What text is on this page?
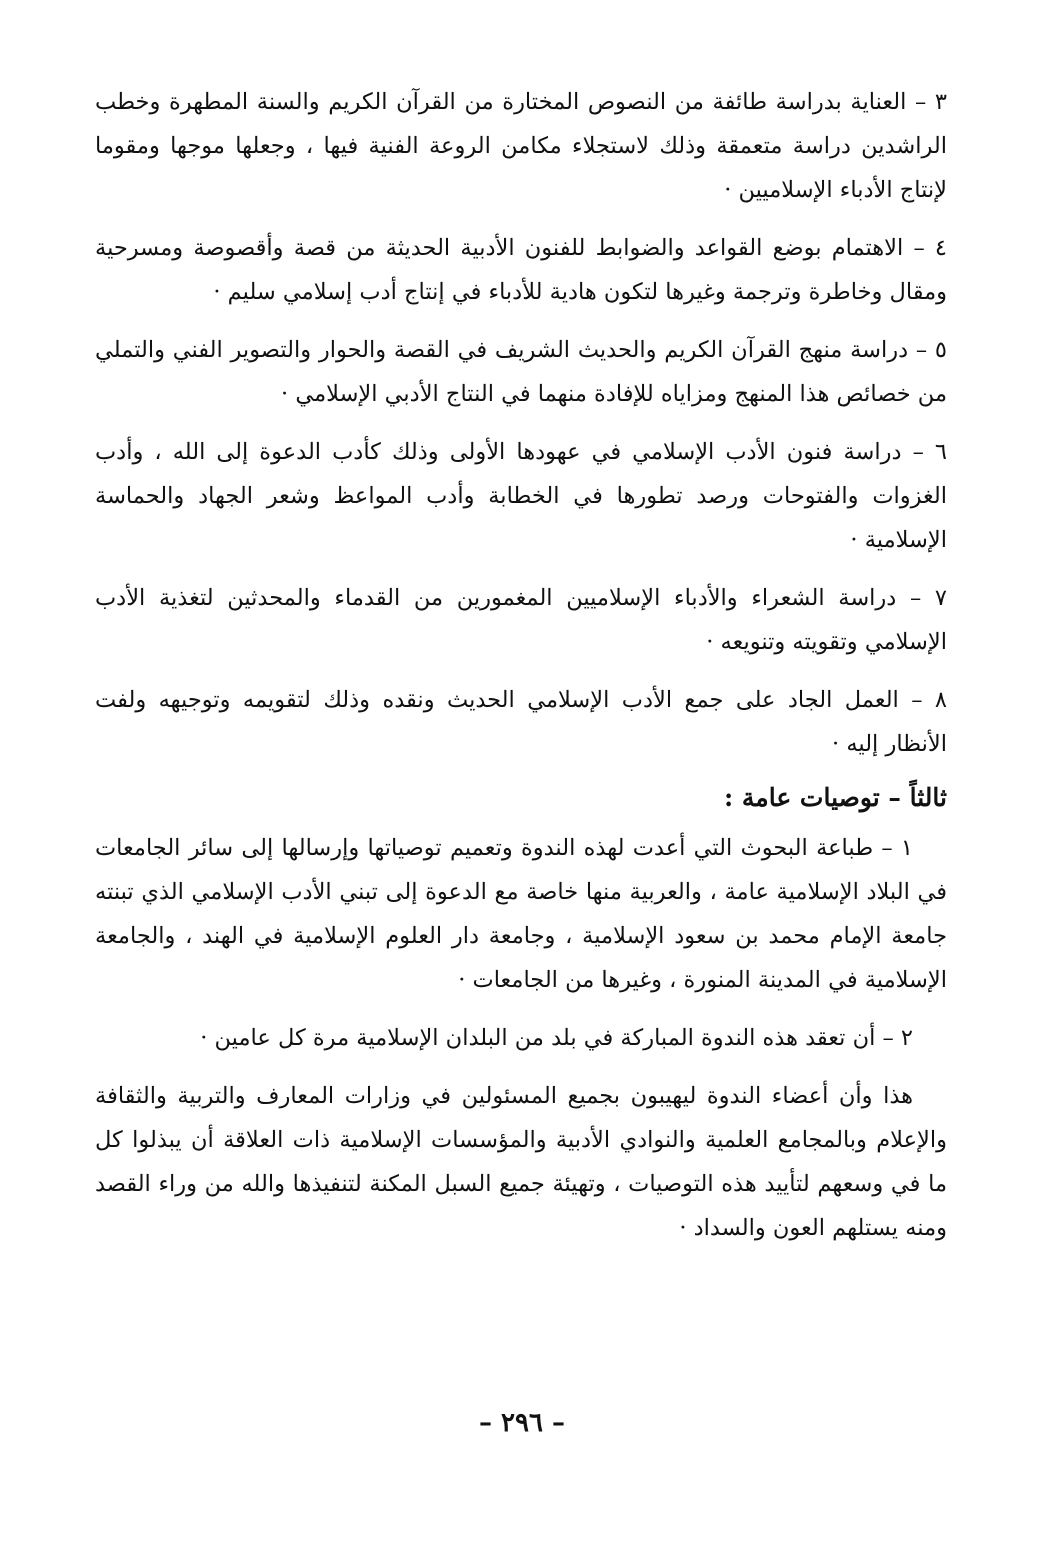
٣ – العناية بدراسة طائفة من النصوص المختارة من القرآن الكريم والسنة المطهرة وخطب الراشدين دراسة متعمقة وذلك لاستجلاء مكامن الروعة الفنية فيها ، وجعلها موجها ومقوما لإنتاج الأدباء الإسلاميين ·

٤ – الاهتمام بوضع القواعد والضوابط للفنون الأدبية الحديثة من قصة وأقصوصة ومسرحية ومقال وخاطرة وترجمة وغيرها لتكون هادية للأدباء في إنتاج أدب إسلامي سليم ·

٥ – دراسة منهج القرآن الكريم والحديث الشريف في القصة والحوار والتصوير الفني والتملي من خصائص هذا المنهج ومزاياه للإفادة منهما في النتاج الأدبي الإسلامي ·

٦ – دراسة فنون الأدب الإسلامي في عهودها الأولى وذلك كأدب الدعوة إلى الله ، وأدب الغزوات والفتوحات ورصد تطورها في الخطابة وأدب المواعظ وشعر الجهاد والحماسة الإسلامية ·

٧ – دراسة الشعراء والأدباء الإسلاميين المغمورين من القدماء والمحدثين لتغذية الأدب الإسلامي وتقويته وتنويعه ·

٨ – العمل الجاد على جمع الأدب الإسلامي الحديث ونقده وذلك لتقويمه وتوجيهه ولفت الأنظار إليه ·

ثالثاً – توصيات عامة :

١ – طباعة البحوث التي أعدت لهذه الندوة وتعميم توصياتها وإرسالها إلى سائر الجامعات في البلاد الإسلامية عامة ، والعربية منها خاصة مع الدعوة إلى تبني الأدب الإسلامي الذي تبنته جامعة الإمام محمد بن سعود الإسلامية ، وجامعة دار العلوم الإسلامية في الهند ، والجامعة الإسلامية في المدينة المنورة ، وغيرها من الجامعات ·

٢ – أن تعقد هذه الندوة المباركة في بلد من البلدان الإسلامية مرة كل عامين ·

هذا وأن أعضاء الندوة ليهيبون بجميع المسئولين في وزارات المعارف والتربية والثقافة والإعلام وبالمجامع العلمية والنوادي الأدبية والمؤسسات الإسلامية ذات العلاقة أن يبذلوا كل ما في وسعهم لتأييد هذه التوصيات ، وتهيئة جميع السبل المكنة لتنفيذها والله من وراء القصد ومنه يستلهم العون والسداد ·

– ٢٩٦ –
